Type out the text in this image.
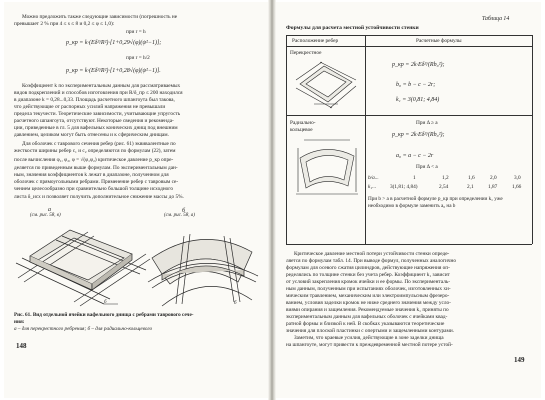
Можно предложить также следующие зависимости (погрешность не
превышает 2 % при 4 ≤ s ≤ 8 и 0,2 ≤ φ ≤ 1,0):
при r = h
p_кр = k·(Eδ³/R²)·[1+0,29√(φ)(ψ²−1)];
при r = h/2
p_кр = k·(Eδ³/R²)·[1+0,28√(φ)(ψ²−1)].
Коэффициент k по экспериментальным данным для рассматриваемых
видов подкреплений и способов изготовления при R/δ_пр ≤ 200 находился
в диапазоне k = 0,28...0,33. Площадь расчетного шпангоута был такова,
что действующие от распорных усилий напряжения не превышали
предела текучести. Теоретические зависимости, учитывающие упругость
расчетного шпангоута, отсутствуют. Некоторые сведения и рекоменда-
ции, приведенные в гл. 5 для вафельных конических днищ под внешним
давлением, целиком могут быть отнесены и к сферическим днищам.
Для оболочек с таврового сечения ребер (рис. 61) эквивалентные по
жесткости ширины ребер c₁ и c₂ определяются по формулам (22), затем
после вычисления φ₁, φ₂, φ = √(φ₁φ₂) критическое давление p_кр опре-
деляется по приведенным выше формулам. По экспериментальным дан-
ным, значения коэффициентов k лежат в диапазоне, полученном для
оболочек с прямоугольными ребрами. Применение ребер с тавровым се-
чением целесообразно при сравнительно большой толщине исходного
листа δ_исх и позволяет получить дополнительное снижение массы до 5%.
а
(см. рис. 58, в)
б
(см. рис. 58, а)
б	б
Рис. 61. Вид отдельной ячейки вафельного днища с ребрами таврового сече-
ния:
а – для перекрестного ребрения; б – для радиально-кольцевого
148
Таблица 14
Формулы для расчета местной устойчивости стенки
Расположение ребер	Расчетные формулы
Перекрестное
p_кр = 2k·Eδ³/(Rb₀²);
b₀ = b − c − 2r;
k₁ = 3(0,81; 4,84)
Радиально-
кольцевое
При Δ ≥ a
p_кр = 2k·Eδ³/(Rb₀²);
a₀ = a − c − 2r
При Δ < a
b/a...	1	1,2	1,6	2,0	3,0
k₁...	3(1,81; 4,84)	2,54	2,1	1,87	1,66
При b > a в расчетной формуле p_кр при определении k₁ уже
необходимо в формуле заменить a₀ на b
Критическое давление местной потери устойчивости стенки опреде-
ляется по формулам табл. 14. При выводе формул, полученных аналогично
формулам для осевого сжатия цилиндров, действующие напряжения оп-
ределялись по толщине стенки без учета ребер. Коэффициент k₁ зависит
от условий закрепления кромок ячейки и ее формы. По эксперименталь-
ным данным, полученным при испытаниях оболочек, изготовленных хи-
мическим травлением, механическим или электроимпульсным фрезеро-
ванием, условия заделки кромок не ниже среднего значения между усло-
виями опирания и защемления. Рекомендуемые значения k₁ приняты по
экспериментальным данным для вафельных оболочек с ячейками квад-
ратной формы и близкой к ней. В скобках указываются теоретические
значения для плоской пластинки с опертыми и защемленными контурами.
Заметим, что краевые усилия, действующие в зоне заделки днища
на шпангоуте, могут привести к преждевременной местной потере устой-
149
